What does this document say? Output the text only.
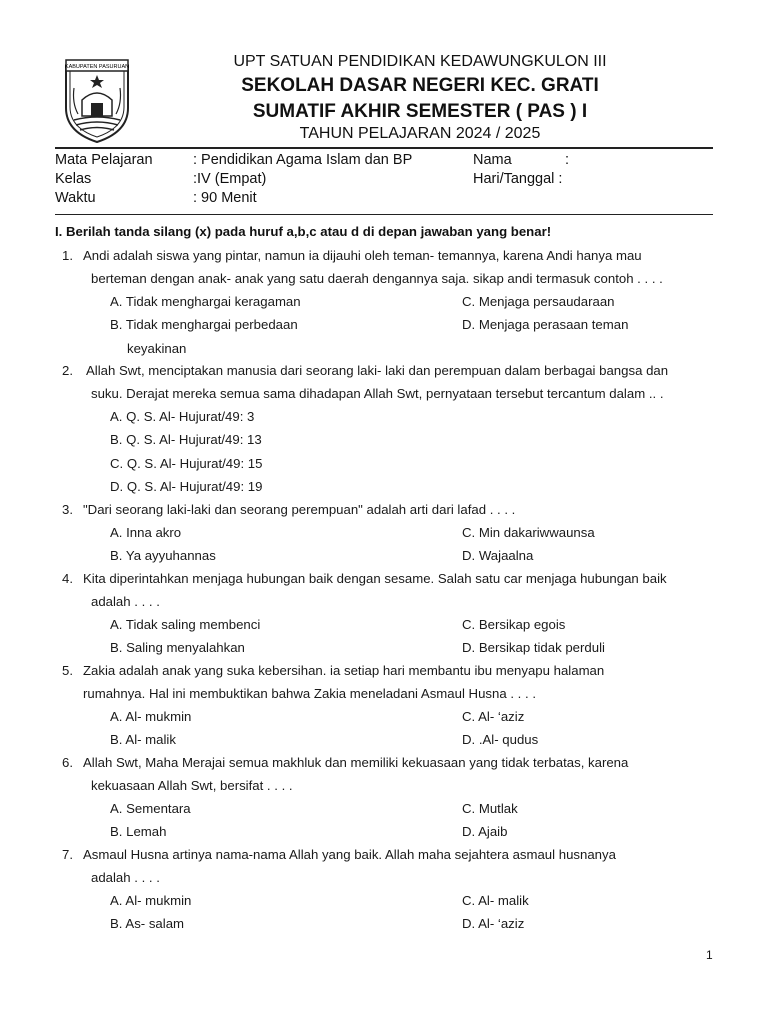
KABUPATEN PASURUAN	UPT SATUAN PENDIDIKAN KEDAWUNGKULON III
SEKOLAH DASAR NEGERI KEC. GRATI
SUMATIF AKHIR SEMESTER ( PAS ) I
TAHUN PELAJARAN 2024 / 2025
Mata Pelajaran	: Pendidikan Agama Islam dan BP
Kelas	:IV (Empat)
Waktu	: 90 Menit
Nama	:
Hari/Tanggal :
I. Berilah tanda silang (x) pada huruf a,b,c atau d di depan jawaban yang benar!
1. Andi adalah siswa yang pintar, namun ia dijauhi oleh teman- temannya, karena Andi hanya mau
berteman dengan anak- anak yang satu daerah dengannya saja. sikap andi termasuk contoh . . . .
A. Tidak menghargai keragaman	C. Menjaga persaudaraan
B. Tidak menghargai perbedaan	D. Menjaga perasaan teman
keyakinan
2. Allah Swt, menciptakan manusia dari seorang laki- laki dan perempuan dalam berbagai bangsa dan
suku. Derajat mereka semua sama dihadapan Allah Swt, pernyataan tersebut tercantum dalam .. .
A. Q. S. Al- Hujurat/49: 3
B. Q. S. Al- Hujurat/49: 13
C. Q. S. Al- Hujurat/49: 15
D. Q. S. Al- Hujurat/49: 19
3. "Dari seorang laki-laki dan seorang perempuan" adalah arti dari lafad . . . .
A. Inna akro	C. Min dakariwwaunsa
B. Ya ayyuhannas	D. Wajaalna
4. Kita diperintahkan menjaga hubungan baik dengan sesame. Salah satu car menjaga hubungan baik
adalah . . . .
A. Tidak saling membenci	C. Bersikap egois
B. Saling menyalahkan	D. Bersikap tidak perduli
5. Zakia adalah anak yang suka kebersihan. ia setiap hari membantu ibu menyapu halaman
rumahnya. Hal ini membuktikan bahwa Zakia meneladani Asmaul Husna . . . .
A. Al- mukmin	C. Al- ‘aziz
B. Al- malik	D. .Al- qudus
6. Allah Swt, Maha Merajai semua makhluk dan memiliki kekuasaan yang tidak terbatas, karena
kekuasaan Allah Swt, bersifat . . . .
A. Sementara	C. Mutlak
B. Lemah	D. Ajaib
7. Asmaul Husna artinya nama-nama Allah yang baik. Allah maha sejahtera asmaul husnanya
adalah . . . .
A. Al- mukmin	C. Al- malik
B. As- salam	D. Al- ‘aziz
1
